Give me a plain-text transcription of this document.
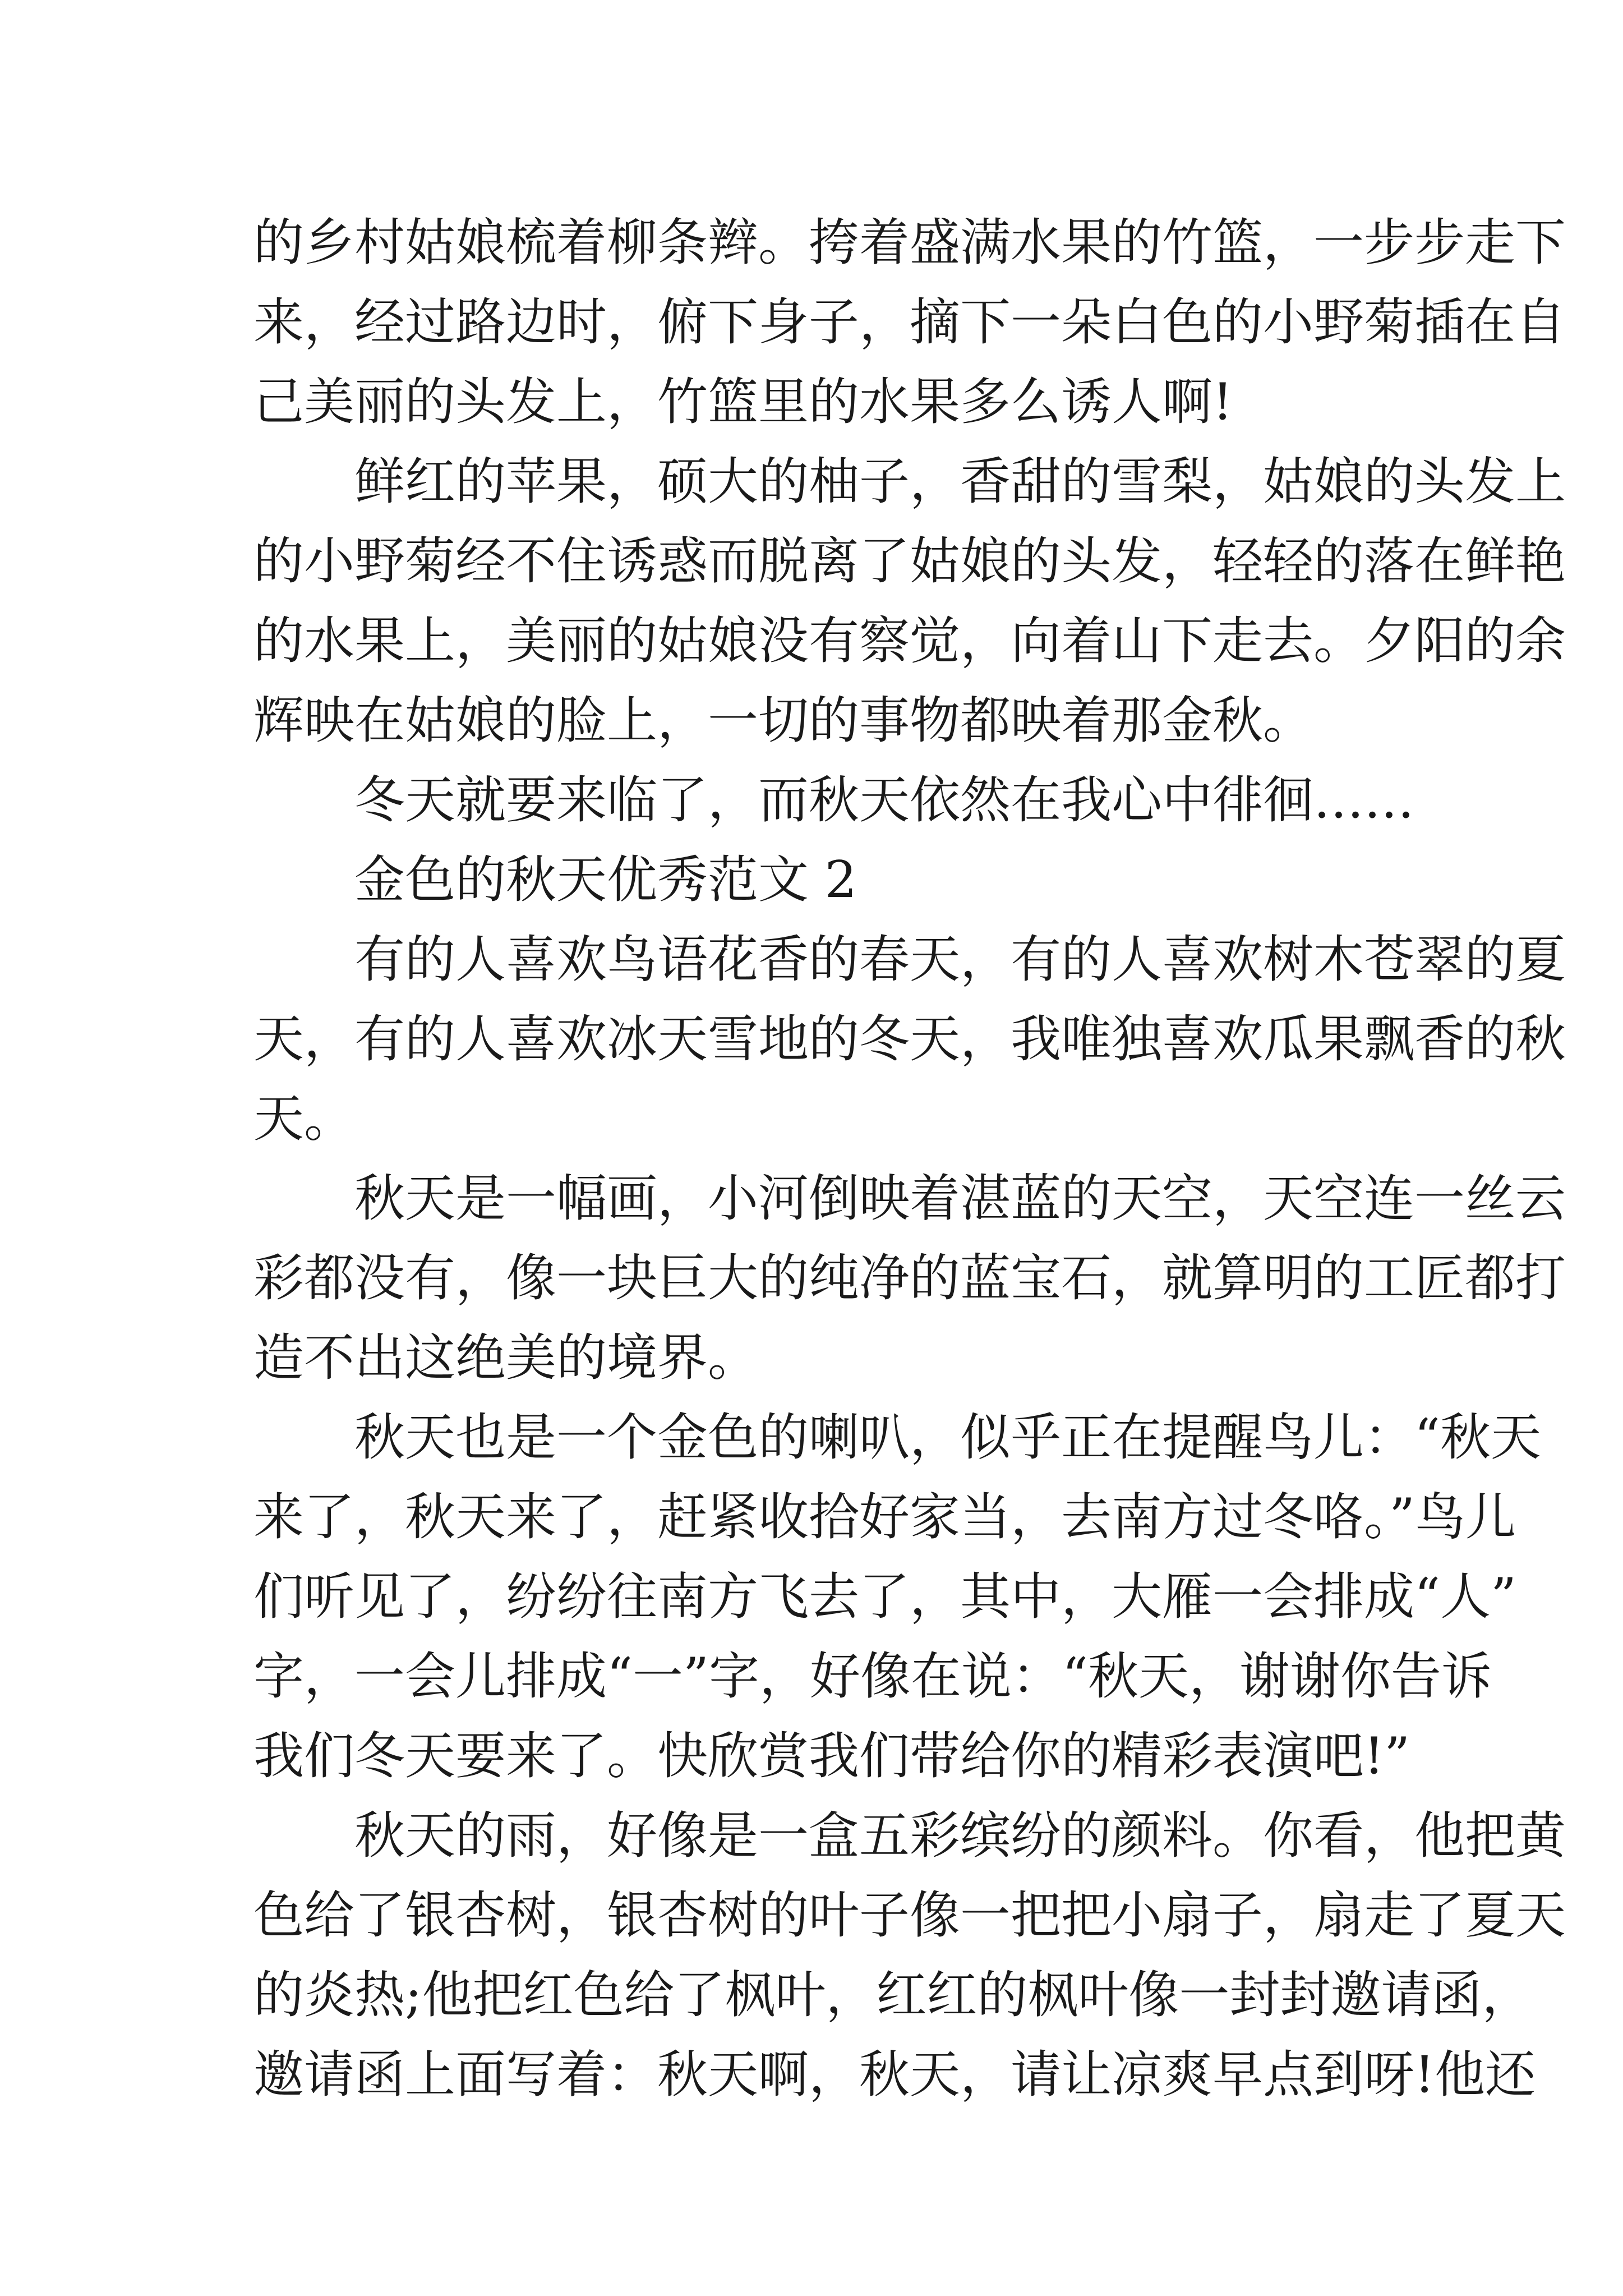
的乡村姑娘梳着柳条辫。挎着盛满水果的竹篮，一步步走下
来，经过路边时，俯下身子，摘下一朵白色的小野菊插在自
己美丽的头发上，竹篮里的水果多么诱人啊!
鲜红的苹果，硕大的柚子，香甜的雪梨，姑娘的头发上
的小野菊经不住诱惑而脱离了姑娘的头发，轻轻的落在鲜艳
的水果上，美丽的姑娘没有察觉，向着山下走去。夕阳的余
辉映在姑娘的脸上，一切的事物都映着那金秋。
冬天就要来临了，而秋天依然在我心中徘徊……
金色的秋天优秀范文 2
有的人喜欢鸟语花香的春天，有的人喜欢树木苍翠的夏
天，有的人喜欢冰天雪地的冬天，我唯独喜欢瓜果飘香的秋
天。
秋天是一幅画，小河倒映着湛蓝的天空，天空连一丝云
彩都没有，像一块巨大的纯净的蓝宝石，就算明的工匠都打
造不出这绝美的境界。
秋天也是一个金色的喇叭，似乎正在提醒鸟儿：“秋天
来了，秋天来了，赶紧收拾好家当，去南方过冬咯。”鸟儿
们听见了，纷纷往南方飞去了，其中，大雁一会排成“人”
字，一会儿排成“一”字，好像在说：“秋天，谢谢你告诉
我们冬天要来了。快欣赏我们带给你的精彩表演吧!”
秋天的雨，好像是一盒五彩缤纷的颜料。你看，他把黄
色给了银杏树，银杏树的叶子像一把把小扇子，扇走了夏天
的炎热;他把红色给了枫叶，红红的枫叶像一封封邀请函，
邀请函上面写着：秋天啊，秋天，请让凉爽早点到呀!他还
